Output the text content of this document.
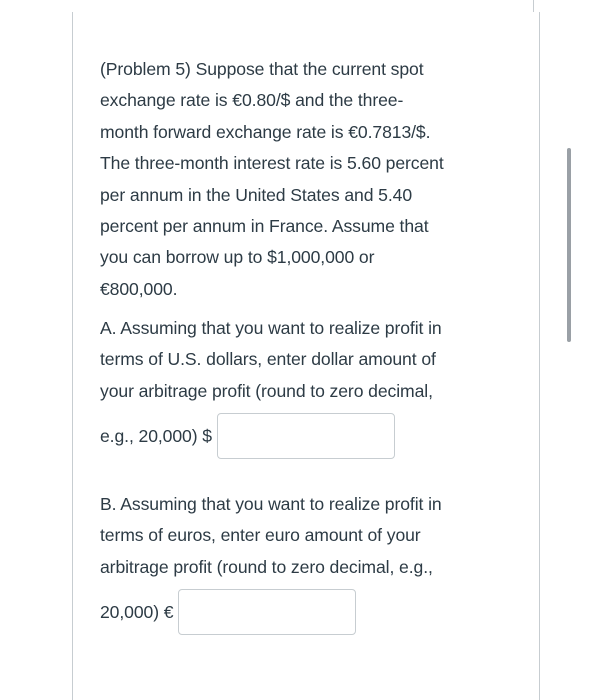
(Problem 5) Suppose that the current spot

exchange rate is €0.80/$ and the three-

month forward exchange rate is €0.7813/$.

The three-month interest rate is 5.60 percent

per annum in the United States and 5.40

percent per annum in France. Assume that

you can borrow up to $1,000,000 or

€800,000.

A. Assuming that you want to realize profit in

terms of U.S. dollars, enter dollar amount of

your arbitrage profit (round to zero decimal,

e.g., 20,000) $

B. Assuming that you want to realize profit in

terms of euros, enter euro amount of your

arbitrage profit (round to zero decimal, e.g.,

20,000) €
